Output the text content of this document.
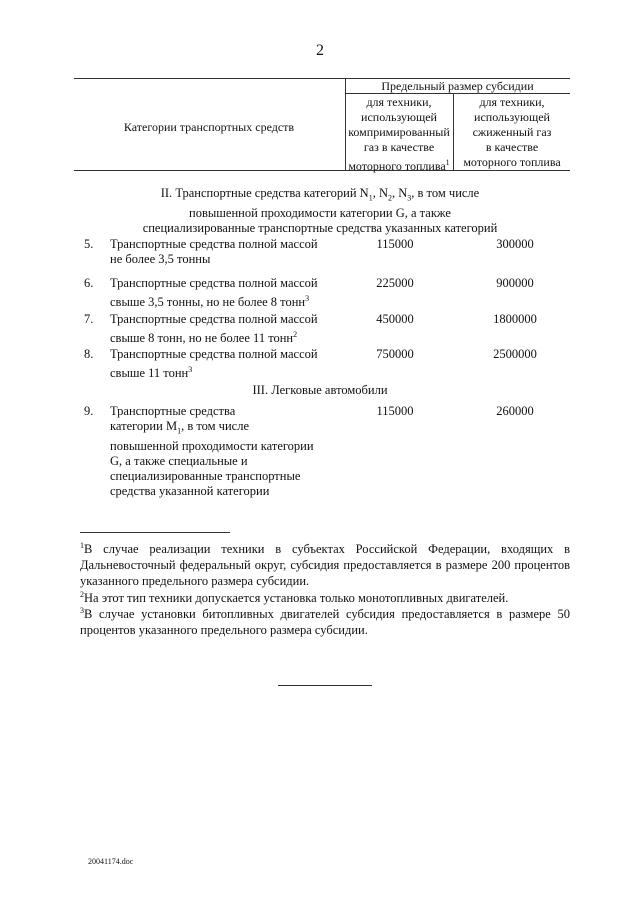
2
Категории транспортных средств
Предельный размер субсидии
для техники,
использующей
компримированный
газ в качестве
моторного топлива$^1$
для техники,
использующей
сжиженный газ
в качестве
моторного топлива
II. Транспортные средства категорий $N_1$, $N_2$, $N_3$, в том числе
повышенной проходимости категории G, а также
специализированные транспортные средства указанных категорий
5.	Транспортные средства полной массой
не более 3,5 тонны
115000	300000
6.	Транспортные средства полной массой
свыше 3,5 тонны, но не более 8 тонн$^3$
225000	900000
7.	Транспортные средства полной массой
свыше 8 тонн, но не более 11 тонн$^2$
450000	1800000
8.	Транспортные средства полной массой
свыше 11 тонн$^3$
750000	2500000
III. Легковые автомобили
9.	Транспортные средства
категории $М_1$, в том числе
повышенной проходимости категории
G, а также специальные и
специализированные транспортные
средства указанной категории
115000	260000
$^1$В случае реализации техники в субъектах Российской Федерации, входящих в Дальневосточный федеральный округ, субсидия предоставляется в размере 200 процентов указанного предельного размера субсидии.
$^2$На этот тип техники допускается установка только монотопливных двигателей.
$^3$В случае установки битопливных двигателей субсидия предоставляется в размере 50 процентов указанного предельного размера субсидии.
20041174.doc
